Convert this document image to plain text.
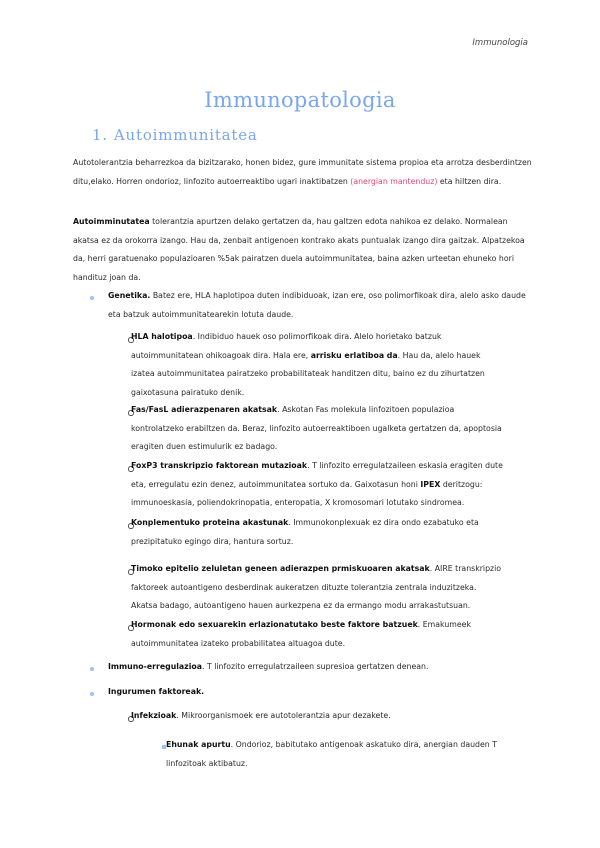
Immunologia
Immunopatologia
1. Autoimmunitatea
Autotolerantzia beharrezkoa da bizitzarako, honen bidez, gure immunitate sistema propioa eta arrotza desberdintzen ditu,elako. Horren ondorioz, linfozito autoerreaktibo ugari inaktibatzen (anergian mantenduz) eta hiltzen dira.
Autoimminutatea tolerantzia apurtzen delako gertatzen da, hau galtzen edota nahikoa ez delako. Normalean akatsa ez da orokorra izango. Hau da, zenbait antigenoen kontrako akats puntualak izango dira gaitzak. Alpatzekoa da, herri garatuenako populazioaren %5ak pairatzen duela autoimmunitatea, baina azken urteetan ehuneko hori handituz joan da.
Genetika. Batez ere, HLA haplotipoa duten indibiduoak, izan ere, oso polimorfikoak dira, alelo asko daude eta batzuk autoimmunitatearekin lotuta daude.
HLA halotipoa. Indibiduo hauek oso polimorfikoak dira. Alelo horietako batzuk autoimmunitatean ohikoagoak dira. Hala ere, arrisku erlatiboa da. Hau da, alelo hauek izatea autoimmunitatea pairatzeko probabilitateak handitzen ditu, baino ez du zihurtatzen gaixotasuna pairatuko denik.
Fas/FasL adierazpenaren akatsak. Askotan Fas molekula linfozitoen populazioa kontrolatzeko erabiltzen da. Beraz, linfozito autoerreaktiboen ugalketa gertatzen da, apoptosia eragiten duen estimulurik ez badago.
FoxP3 transkripzio faktorean mutazioak. T linfozito erregulatzaileen eskasia eragiten dute eta, erregulatu ezin denez, autoimmunitatea sortuko da. Gaixotasun honi IPEX deritzogu: immunoeskasia, poliendokrinopatia, enteropatia, X kromosomari lotutako sindromea.
Konplementuko proteina akastunak. Immunokonplexuak ez dira ondo ezabatuko eta prezipitatuko egingo dira, hantura sortuz.
Timoko epitelio zeluletan geneen adierazpen prmiskuoaren akatsak. AIRE transkripzio faktoreek autoantigeno desberdinak aukeratzen dituzte tolerantzia zentrala induzitzeka. Akatsa badago, autoantigeno hauen aurkezpena ez da ermango modu arrakastutsuan.
Hormonak edo sexuarekin erlazionatutako beste faktore batzuek. Emakumeek autoimmunitatea izateko probabilitatea altuagoa dute.
Immuno-erregulazioa. T linfozito erregulatrzaileen supresioa gertatzen denean.
Ingurumen faktoreak.
Infekzioak. Mikroorganismoek ere autotolerantzia apur dezakete.
Ehunak apurtu. Ondorioz, babitutako antigenoak askatuko dira, anergian dauden T linfozitoak aktibatuz.
